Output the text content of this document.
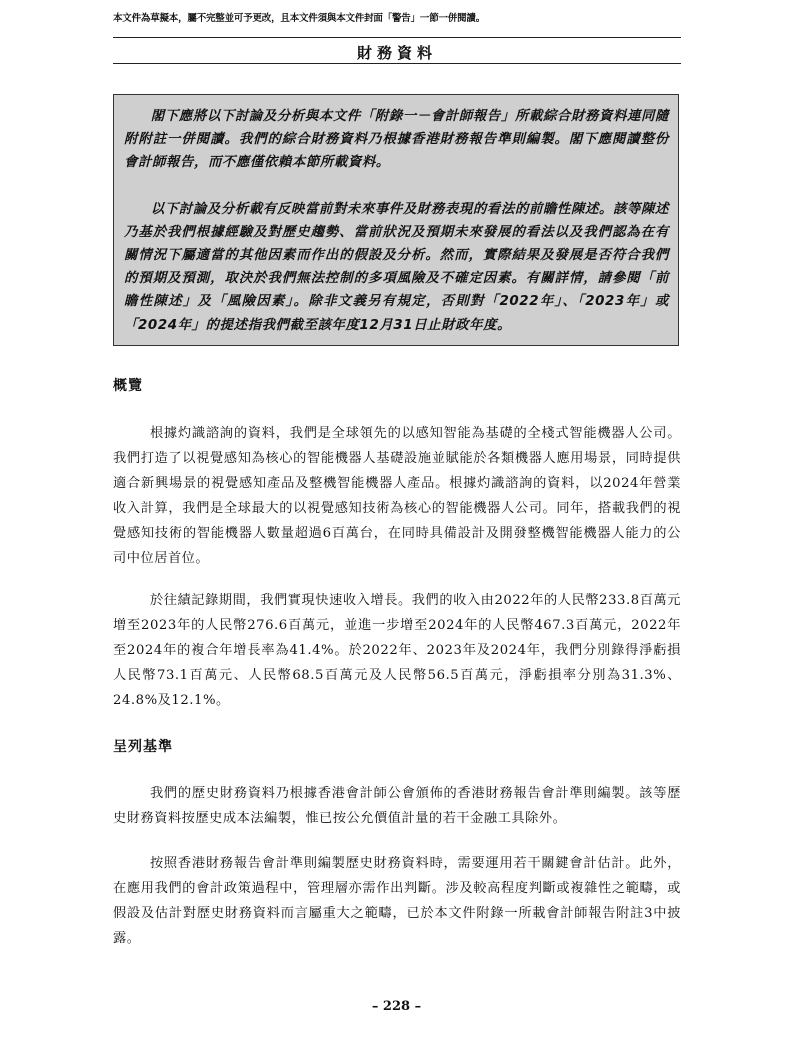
本文件為草擬本，屬不完整並可予更改，且本文件須與本文件封面「警告」一節一併閱讀。
財務資料

閣下應將以下討論及分析與本文件「附錄一－會計師報告」所載綜合財務資料連同隨附附註一併閱讀。我們的綜合財務資料乃根據香港財務報告準則編製。閣下應閱讀整份會計師報告，而不應僅依賴本節所載資料。

以下討論及分析載有反映當前對未來事件及財務表現的看法的前瞻性陳述。該等陳述乃基於我們根據經驗及對歷史趨勢、當前狀況及預期未來發展的看法以及我們認為在有關情況下屬適當的其他因素而作出的假設及分析。然而，實際結果及發展是否符合我們的預期及預測，取決於我們無法控制的多項風險及不確定因素。有關詳情，請參閱「前瞻性陳述」及「風險因素」。除非文義另有規定，否則對「2022年」、「2023年」或「2024年」的提述指我們截至該年度12月31日止財政年度。

概覽

根據灼識諮詢的資料，我們是全球領先的以感知智能為基礎的全棧式智能機器人公司。我們打造了以視覺感知為核心的智能機器人基礎設施並賦能於各類機器人應用場景，同時提供適合新興場景的視覺感知產品及整機智能機器人產品。根據灼識諮詢的資料，以2024年營業收入計算，我們是全球最大的以視覺感知技術為核心的智能機器人公司。同年，搭載我們的視覺感知技術的智能機器人數量超過6百萬台，在同時具備設計及開發整機智能機器人能力的公司中位居首位。

於往績記錄期間，我們實現快速收入增長。我們的收入由2022年的人民幣233.8百萬元增至2023年的人民幣276.6百萬元，並進一步增至2024年的人民幣467.3百萬元，2022年至2024年的複合年增長率為41.4%。於2022年、2023年及2024年，我們分別錄得淨虧損人民幣73.1百萬元、人民幣68.5百萬元及人民幣56.5百萬元，淨虧損率分別為31.3%、24.8%及12.1%。

呈列基準

我們的歷史財務資料乃根據香港會計師公會頒佈的香港財務報告會計準則編製。該等歷史財務資料按歷史成本法編製，惟已按公允價值計量的若干金融工具除外。

按照香港財務報告會計準則編製歷史財務資料時，需要運用若干關鍵會計估計。此外，在應用我們的會計政策過程中，管理層亦需作出判斷。涉及較高程度判斷或複雜性之範疇，或假設及估計對歷史財務資料而言屬重大之範疇，已於本文件附錄一所載會計師報告附註3中披露。

– 228 –
